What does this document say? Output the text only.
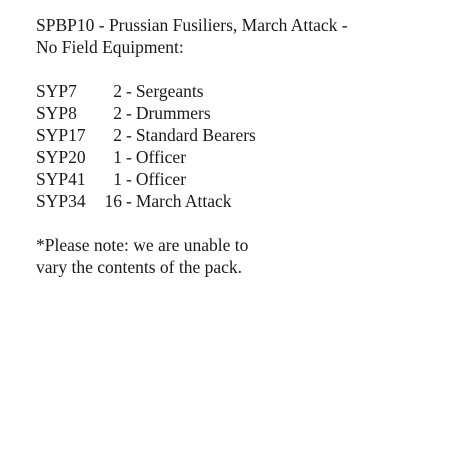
SPBP10 - Prussian Fusiliers, March Attack -
No Field Equipment:
SYP7	2 - Sergeants
SYP8	2 - Drummers
SYP17	2 - Standard Bearers
SYP20	1 - Officer
SYP41	1 - Officer
SYP34	16 - March Attack
*Please note: we are unable to
vary the contents of the pack.
